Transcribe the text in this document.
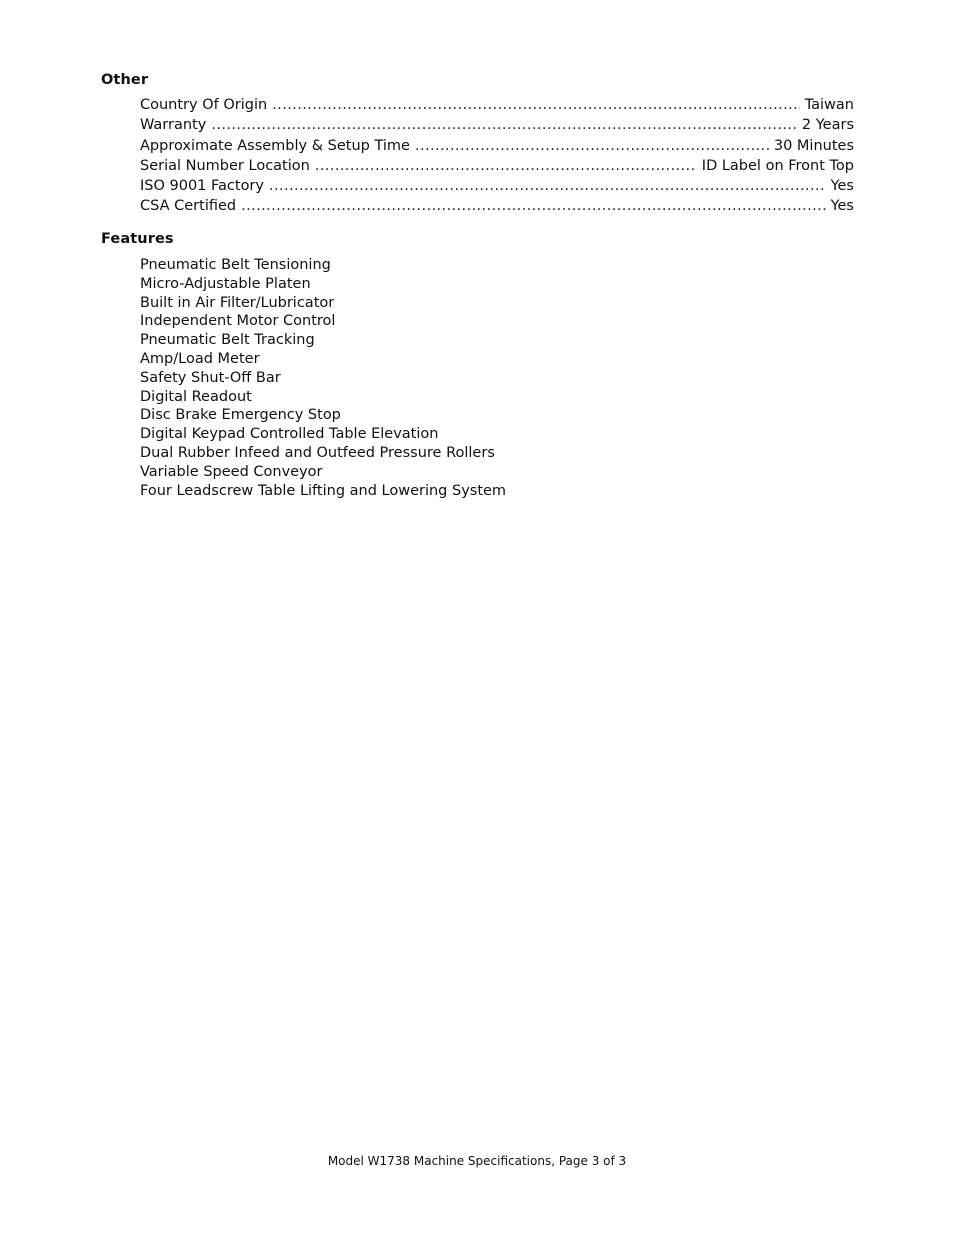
Other
Country Of Origin .....	Taiwan
Warranty .....	2 Years
Approximate Assembly & Setup Time .....	30 Minutes
Serial Number Location .....	ID Label on Front Top
ISO 9001 Factory .....	Yes
CSA Certified .....	Yes
Features
Pneumatic Belt Tensioning
Micro-Adjustable Platen
Built in Air Filter/Lubricator
Independent Motor Control
Pneumatic Belt Tracking
Amp/Load Meter
Safety Shut-Off Bar
Digital Readout
Disc Brake Emergency Stop
Digital Keypad Controlled Table Elevation
Dual Rubber Infeed and Outfeed Pressure Rollers
Variable Speed Conveyor
Four Leadscrew Table Lifting and Lowering System
Model W1738 Machine Specifications, Page 3 of 3
